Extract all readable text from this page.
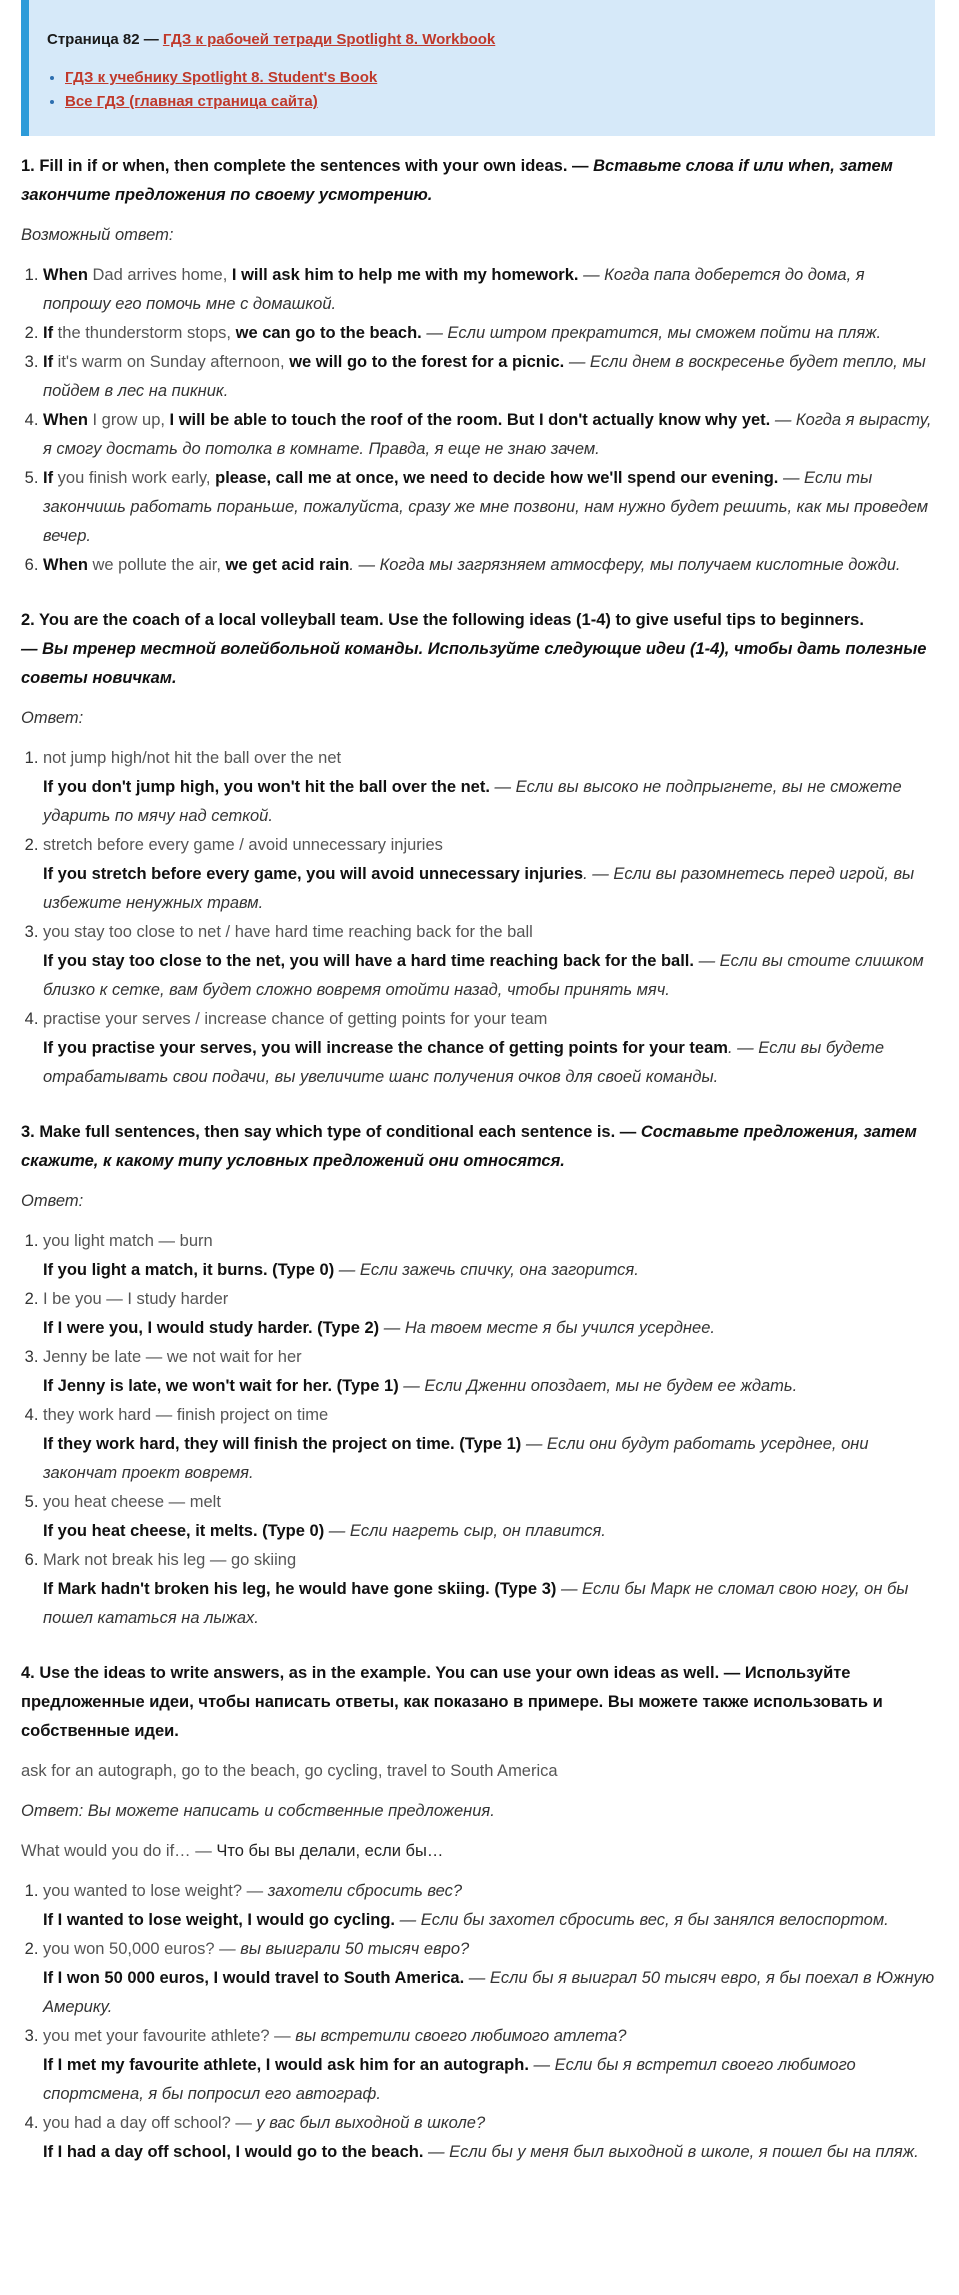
Страница 82 — ГДЗ к рабочей тетради Spotlight 8. Workbook
• ГДЗ к учебнику Spotlight 8. Student's Book
• Все ГДЗ (главная страница сайта)

1. Fill in if or when, then complete the sentences with your own ideas. — Вставьте слова if или when, затем закончите предложения по своему усмотрению.

Возможный ответ:

1. When Dad arrives home, I will ask him to help me with my homework. — Когда папа доберется до дома, я попрошу его помочь мне с домашкой.
2. If the thunderstorm stops, we can go to the beach. — Если штром прекратится, мы сможем пойти на пляж.
3. If it's warm on Sunday afternoon, we will go to the forest for a picnic. — Если днем в воскресенье будет тепло, мы пойдем в лес на пикник.
4. When I grow up, I will be able to touch the roof of the room. But I don't actually know why yet. — Когда я вырасту, я смогу достать до потолка в комнате. Правда, я еще не знаю зачем.
5. If you finish work early, please, call me at once, we need to decide how we'll spend our evening. — Если ты закончишь работать пораньше, пожалуйста, сразу же мне позвони, нам нужно будет решить, как мы проведем вечер.
6. When we pollute the air, we get acid rain. — Когда мы загрязняем атмосферу, мы получаем кислотные дожди.

2. You are the coach of a local volleyball team. Use the following ideas (1-4) to give useful tips to beginners.
— Вы тренер местной волейбольной команды. Используйте следующие идеи (1-4), чтобы дать полезные советы новичкам.

Ответ:

1. not jump high/not hit the ball over the net
If you don't jump high, you won't hit the ball over the net. — Если вы высоко не подпрыгнете, вы не сможете ударить по мячу над сеткой.
2. stretch before every game / avoid unnecessary injuries
If you stretch before every game, you will avoid unnecessary injuries. — Если вы разомнетесь перед игрой, вы избежите ненужных травм.
3. you stay too close to net / have hard time reaching back for the ball
If you stay too close to the net, you will have a hard time reaching back for the ball. — Если вы стоите слишком близко к сетке, вам будет сложно вовремя отойти назад, чтобы принять мяч.
4. practise your serves / increase chance of getting points for your team
If you practise your serves, you will increase the chance of getting points for your team. — Если вы будете отрабатывать свои подачи, вы увеличите шанс получения очков для своей команды.

3. Make full sentences, then say which type of conditional each sentence is. — Составьте предложения, затем скажите, к какому типу условных предложений они относятся.

Ответ:

1. you light match — burn
If you light a match, it burns. (Type 0) — Если зажечь спичку, она загорится.
2. I be you — I study harder
If I were you, I would study harder. (Type 2) — На твоем месте я бы учился усерднее.
3. Jenny be late — we not wait for her
If Jenny is late, we won't wait for her. (Type 1) — Если Дженни опоздает, мы не будем ее ждать.
4. they work hard — finish project on time
If they work hard, they will finish the project on time. (Type 1) — Если они будут работать усерднее, они закончат проект вовремя.
5. you heat cheese — melt
If you heat cheese, it melts. (Type 0) — Если нагреть сыр, он плавится.
6. Mark not break his leg — go skiing
If Mark hadn't broken his leg, he would have gone skiing. (Type 3) — Если бы Марк не сломал свою ногу, он бы пошел кататься на лыжах.

4. Use the ideas to write answers, as in the example. You can use your own ideas as well. — Используйте предложенные идеи, чтобы написать ответы, как показано в примере. Вы можете также использовать и собственные идеи.

ask for an autograph, go to the beach, go cycling, travel to South America

Ответ: Вы можете написать и собственные предложения.

What would you do if… — Что бы вы делали, если бы…

1. you wanted to lose weight? — захотели сбросить вес?
If I wanted to lose weight, I would go cycling. — Если бы захотел сбросить вес, я бы занялся велоспортом.
2. you won 50,000 euros? — вы выиграли 50 тысяч евро?
If I won 50 000 euros, I would travel to South America. — Если бы я выиграл 50 тысяч евро, я бы поехал в Южную Америку.
3. you met your favourite athlete? — вы встретили своего любимого атлета?
If I met my favourite athlete, I would ask him for an autograph. — Если бы я встретил своего любимого спортсмена, я бы попросил его автограф.
4. you had a day off school? — у вас был выходной в школе?
If I had a day off school, I would go to the beach. — Если бы у меня был выходной в школе, я пошел бы на пляж.
